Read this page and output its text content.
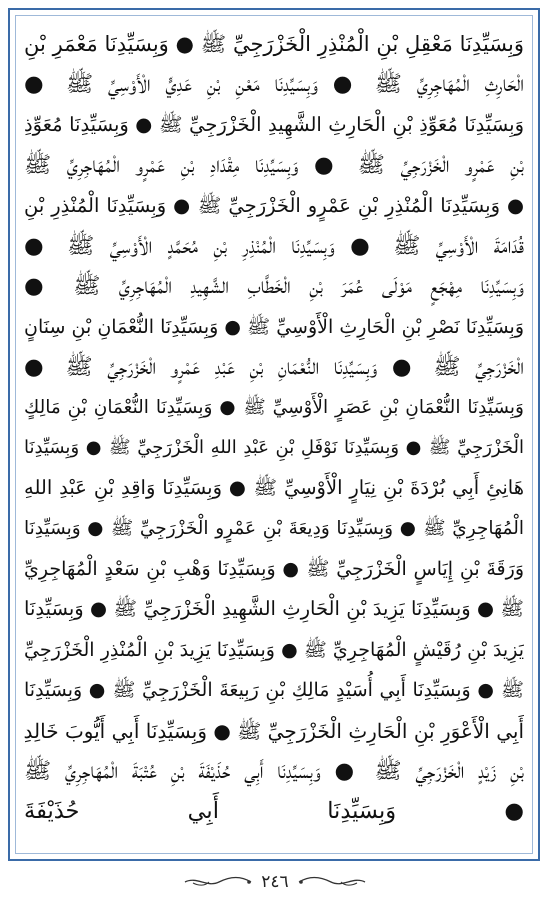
وَبِسَيِّدِنَا مَعْقِلِ بْنِ الْمُنْذِرِ الْخَزْرَجِيِّ ﷺ ● وَبِسَيِّدِنَا مَعْمَرِ بْنِ
الْحَارِثِ الْمُهَاجِرِيِّ ﷺ ● وَبِسَيِّدِنَا مَعْنِ بْنِ عَدِيٍّ الْأَوْسِيِّ ﷺ ●
وَبِسَيِّدِنَا مُعَوِّذِ بْنِ الْحَارِثِ الشَّهِيدِ الْخَزْرَجِيِّ ﷺ ● وَبِسَيِّدِنَا مُعَوِّذِ
بْنِ عَمْرٍو الْخَزْرَجِيِّ ﷺ ● وَبِسَيِّدِنَا مِقْدَادِ بْنِ عَمْرٍو الْمُهَاجِرِيِّ ﷺ
● وَبِسَيِّدِنَا الْمُنْذِرِ بْنِ عَمْرٍو الْخَزْرَجِيِّ ﷺ ● وَبِسَيِّدِنَا الْمُنْذِرِ بْنِ
قُدَامَةَ الْأَوْسِيِّ ﷺ ● وَبِسَيِّدِنَا الْمُنْذِرِ بْنِ مُحَمَّدٍ الْأَوْسِيِّ ﷺ ●
وَبِسَيِّدِنَا مِهْجَعٍ مَوْلَى عُمَرَ بْنِ الْخَطَّابِ الشَّهِيدِ الْمُهَاجِرِيِّ ﷺ ●
وَبِسَيِّدِنَا نَصْرِ بْنِ الْحَارِثِ الْأَوْسِيِّ ﷺ ● وَبِسَيِّدِنَا النُّعْمَانِ بْنِ سِنَانٍ
الْخَزْرَجِيِّ ﷺ ● وَبِسَيِّدِنَا النُّعْمَانِ بْنِ عَبْدِ عَمْرٍو الْخَزْرَجِيِّ ﷺ ●
وَبِسَيِّدِنَا النُّعْمَانِ بْنِ عَصَرٍ الْأَوْسِيِّ ﷺ ● وَبِسَيِّدِنَا النُّعْمَانِ بْنِ مَالِكٍ
الْخَزْرَجِيِّ ﷺ ● وَبِسَيِّدِنَا نَوْفَلِ بْنِ عَبْدِ اللهِ الْخَزْرَجِيِّ ﷺ ● وَبِسَيِّدِنَا
هَانِئِ أَبِي بُرْدَةَ بْنِ نِيَارٍ الْأَوْسِيِّ ﷺ ● وَبِسَيِّدِنَا وَاقِدِ بْنِ عَبْدِ اللهِ
الْمُهَاجِرِيِّ ﷺ ● وَبِسَيِّدِنَا وَدِيعَةَ بْنِ عَمْرٍو الْخَزْرَجِيِّ ﷺ ● وَبِسَيِّدِنَا
وَرَقَةَ بْنِ إِيَاسٍ الْخَزْرَجِيِّ ﷺ ● وَبِسَيِّدِنَا وَهْبِ بْنِ سَعْدٍ الْمُهَاجِرِيِّ
ﷺ ● وَبِسَيِّدِنَا يَزِيدَ بْنِ الْحَارِثِ الشَّهِيدِ الْخَزْرَجِيِّ ﷺ ● وَبِسَيِّدِنَا
يَزِيدَ بْنِ رُقَيْشٍ الْمُهَاجِرِيِّ ﷺ ● وَبِسَيِّدِنَا يَزِيدَ بْنِ الْمُنْذِرِ الْخَزْرَجِيِّ
ﷺ ● وَبِسَيِّدِنَا أَبِي أُسَيْدٍ مَالِكِ بْنِ رَبِيعَةَ الْخَزْرَجِيِّ ﷺ ● وَبِسَيِّدِنَا
أَبِي الْأَعْوَرِ بْنِ الْحَارِثِ الْخَزْرَجِيِّ ﷺ ● وَبِسَيِّدِنَا أَبِي أَيُّوبَ خَالِدِ
بْنِ زَيْدٍ الْخَزْرَجِيِّ ﷺ ● وَبِسَيِّدِنَا أَبِي حُذَيْفَةَ بْنِ عُتْبَةَ الْمُهَاجِرِيِّ ﷺ
● وَبِسَيِّدِنَا أَبِي حُذَيْفَةَ
٢٤٦
